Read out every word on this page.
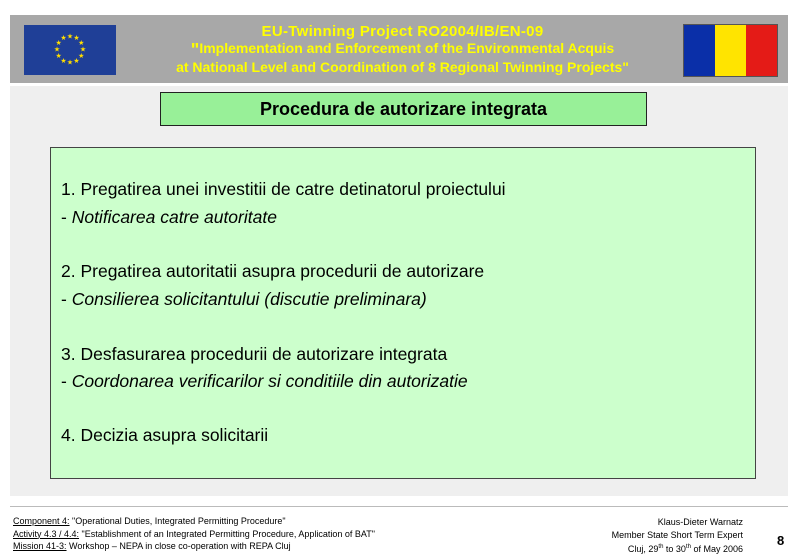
★ ★
★
★
★
★
★
★
★
★
★
★	EU-Twinning Project RO2004/IB/EN-09
"Implementation and Enforcement of the Environmental Acquis
at National Level and Coordination of 8 Regional Twinning Projects"
Procedura de autorizare integrata
1. Pregatirea unei investitii de catre detinatorul proiectului
- Notificarea catre autoritate
2. Pregatirea autoritatii asupra procedurii de autorizare
- Consilierea solicitantului (discutie preliminara)
3. Desfasurarea procedurii de autorizare integrata
- Coordonarea verificarilor si conditiile din autorizatie
4. Decizia asupra solicitarii
Component 4: "Operational Duties, Integrated Permitting Procedure"
Activity 4.3 / 4.4: "Establishment of an Integrated Permitting Procedure, Application of BAT"
Mission 41-3: Workshop – NEPA in close co-operation with REPA Cluj
Klaus-Dieter Warnatz
Member State Short Term Expert
Cluj, 29th to 30th of May 2006
8
